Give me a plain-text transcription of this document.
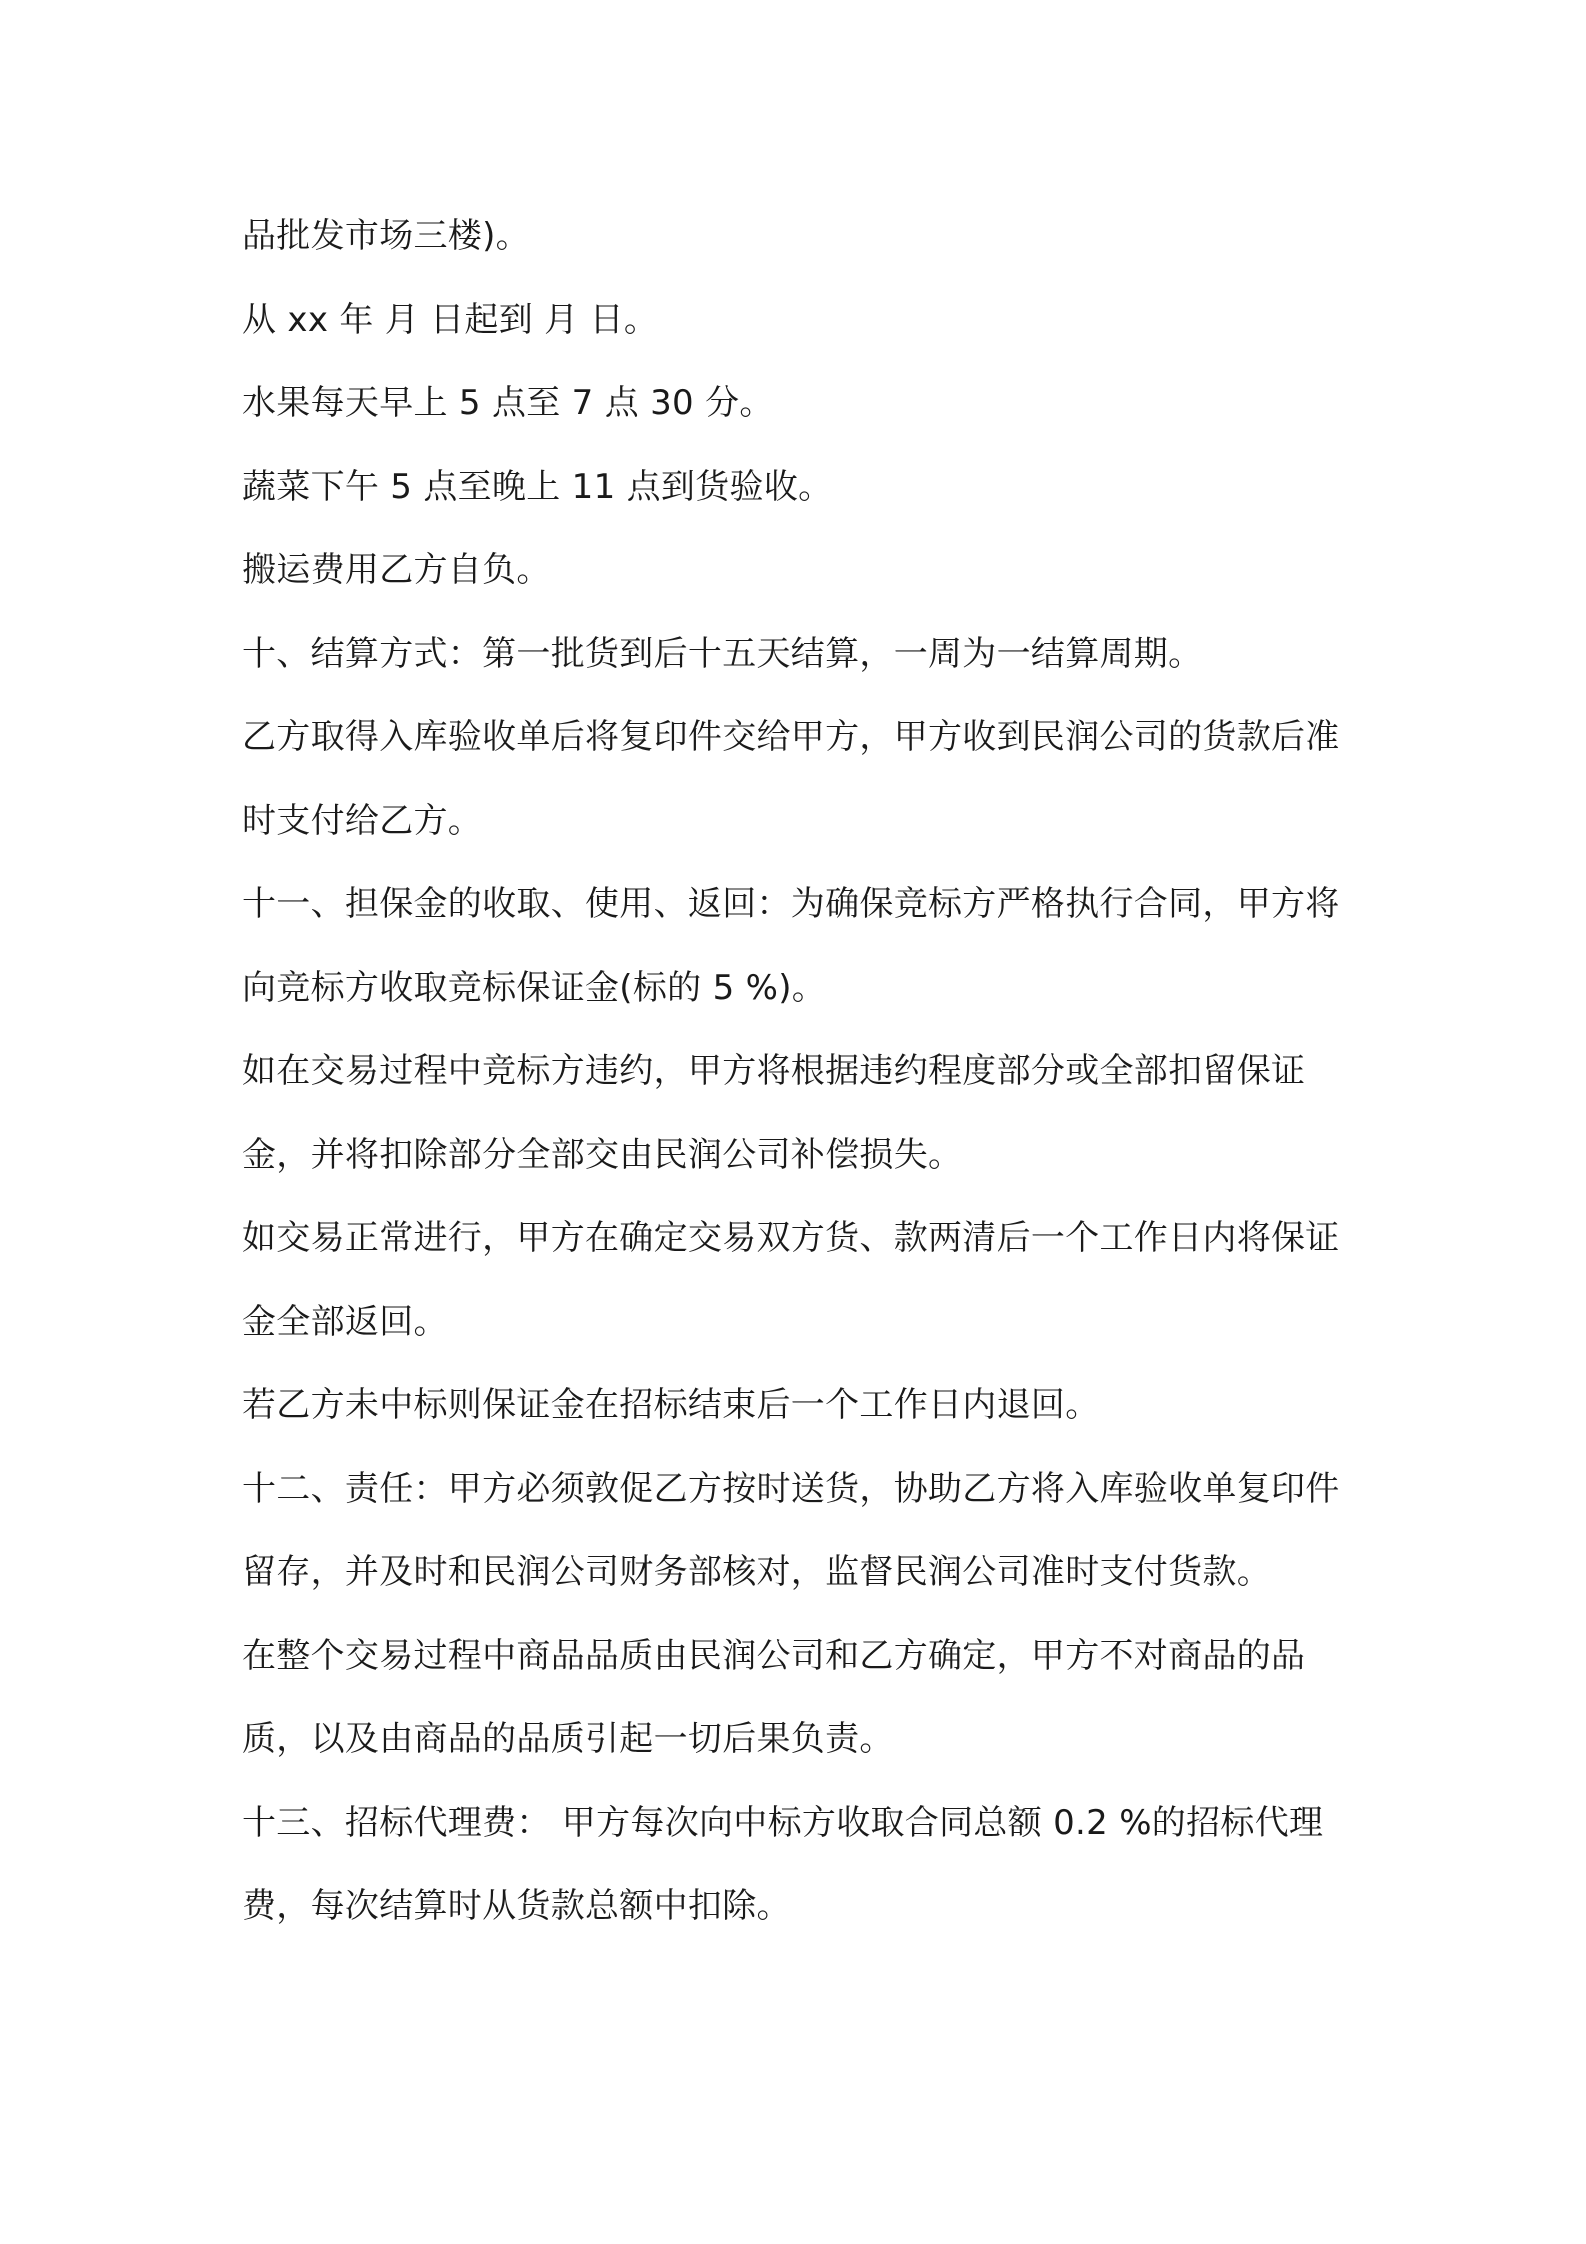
品批发市场三楼)。

从 xx 年 月 日起到 月 日。

水果每天早上 5 点至 7 点 30 分。

蔬菜下午 5 点至晚上 11 点到货验收。

搬运费用乙方自负。

十、结算方式：第一批货到后十五天结算，一周为一结算周期。

乙方取得入库验收单后将复印件交给甲方，甲方收到民润公司的货款后准时支付给乙方。

十一、担保金的收取、使用、返回：为确保竞标方严格执行合同，甲方将向竞标方收取竞标保证金(标的 5 %)。

如在交易过程中竞标方违约，甲方将根据违约程度部分或全部扣留保证金，并将扣除部分全部交由民润公司补偿损失。

如交易正常进行，甲方在确定交易双方货、款两清后一个工作日内将保证金全部返回。

若乙方未中标则保证金在招标结束后一个工作日内退回。

十二、责任：甲方必须敦促乙方按时送货，协助乙方将入库验收单复印件留存，并及时和民润公司财务部核对，监督民润公司准时支付货款。

在整个交易过程中商品品质由民润公司和乙方确定，甲方不对商品的品质，以及由商品的品质引起一切后果负责。

十三、招标代理费： 甲方每次向中标方收取合同总额 0.2 %的招标代理费，每次结算时从货款总额中扣除。
